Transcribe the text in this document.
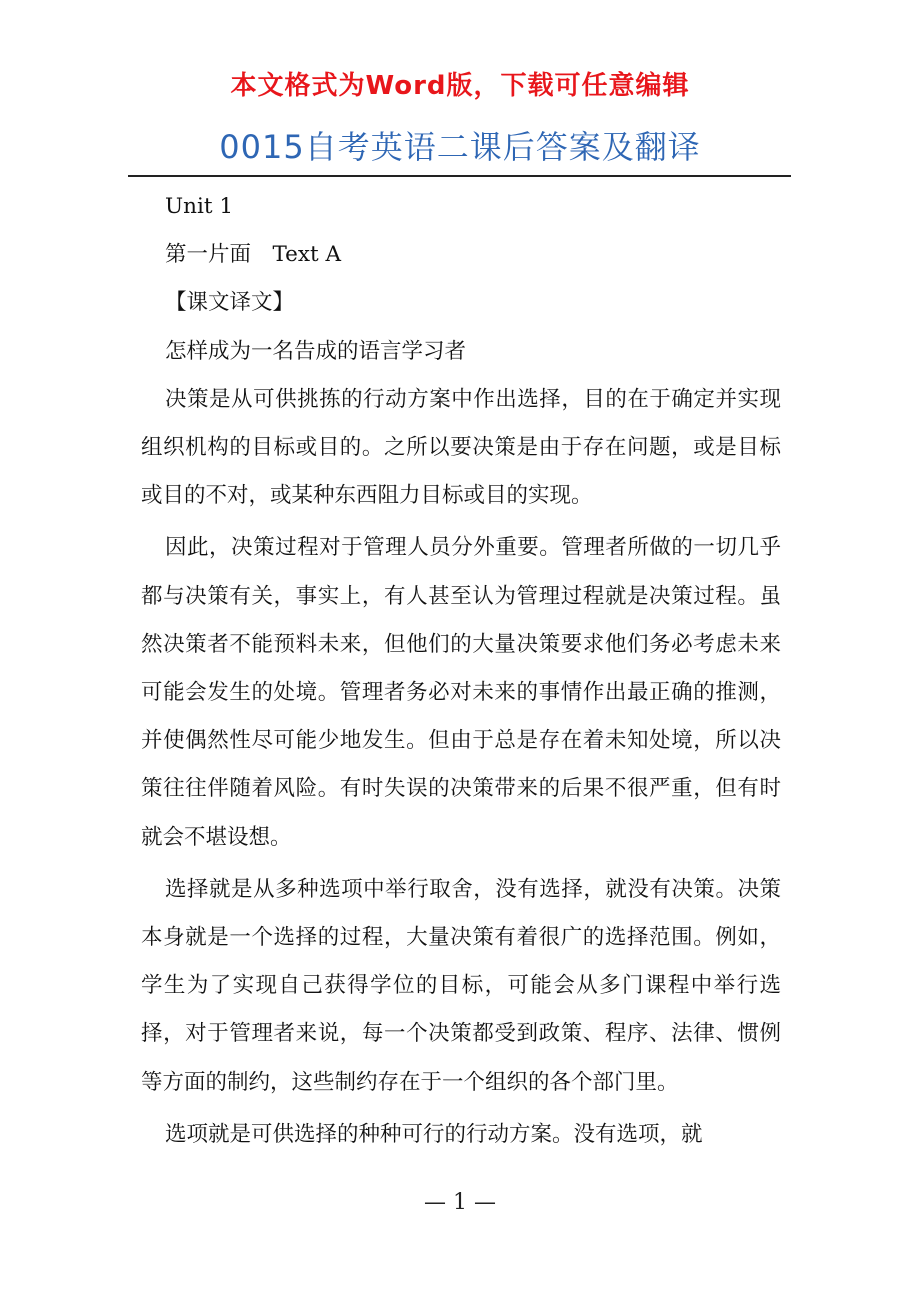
本文格式为Word版，下载可任意编辑
0015自考英语二课后答案及翻译

Unit 1

第一片面　Text A

【课文译文】

怎样成为一名告成的语言学习者

决策是从可供挑拣的行动方案中作出选择，目的在于确定并实现组织机构的目标或目的。之所以要决策是由于存在问题，或是目标或目的不对，或某种东西阻力目标或目的实现。

因此，决策过程对于管理人员分外重要。管理者所做的一切几乎都与决策有关，事实上，有人甚至认为管理过程就是决策过程。虽然决策者不能预料未来，但他们的大量决策要求他们务必考虑未来可能会发生的处境。管理者务必对未来的事情作出最正确的推测，并使偶然性尽可能少地发生。但由于总是存在着未知处境，所以决策往往伴随着风险。有时失误的决策带来的后果不很严重，但有时就会不堪设想。

选择就是从多种选项中举行取舍，没有选择，就没有决策。决策本身就是一个选择的过程，大量决策有着很广的选择范围。例如，学生为了实现自己获得学位的目标，可能会从多门课程中举行选择，对于管理者来说，每一个决策都受到政策、程序、法律、惯例等方面的制约，这些制约存在于一个组织的各个部门里。

选项就是可供选择的种种可行的行动方案。没有选项，就

— 1 —
